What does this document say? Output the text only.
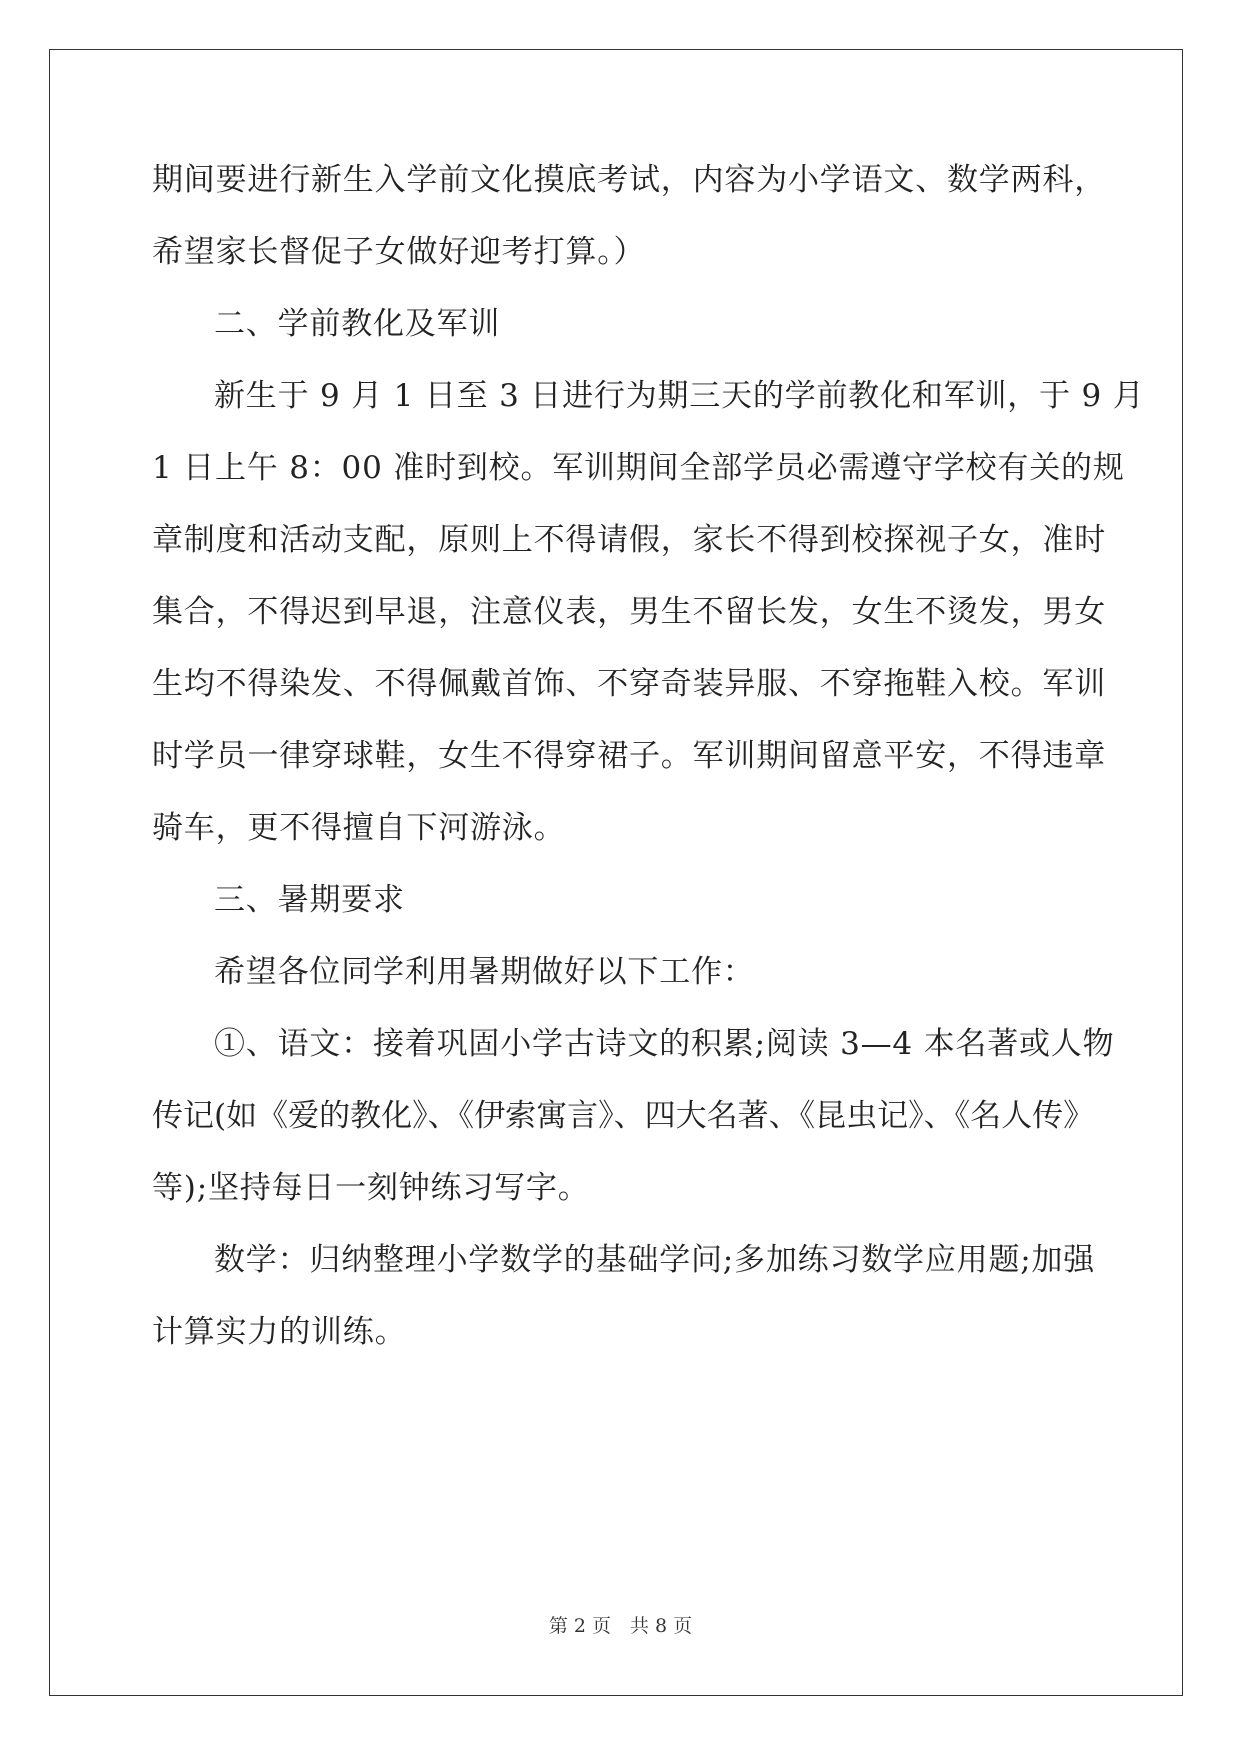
期间要进行新生入学前文化摸底考试，内容为小学语文、数学两科，
希望家长督促子女做好迎考打算。）
二、学前教化及军训
新生于 9 月 1 日至 3 日进行为期三天的学前教化和军训，于 9 月
1 日上午 8：00 准时到校。军训期间全部学员必需遵守学校有关的规
章制度和活动支配，原则上不得请假，家长不得到校探视子女，准时
集合，不得迟到早退，注意仪表，男生不留长发，女生不烫发，男女
生均不得染发、不得佩戴首饰、不穿奇装异服、不穿拖鞋入校。军训
时学员一律穿球鞋，女生不得穿裙子。军训期间留意平安，不得违章
骑车，更不得擅自下河游泳。
三、暑期要求
希望各位同学利用暑期做好以下工作：
①、语文：接着巩固小学古诗文的积累;阅读 3—4 本名著或人物
传记(如《爱的教化》、《伊索寓言》、四大名著、《昆虫记》、《名人传》
等);坚持每日一刻钟练习写字。
数学：归纳整理小学数学的基础学问;多加练习数学应用题;加强
计算实力的训练。
第 2 页　共 8 页
